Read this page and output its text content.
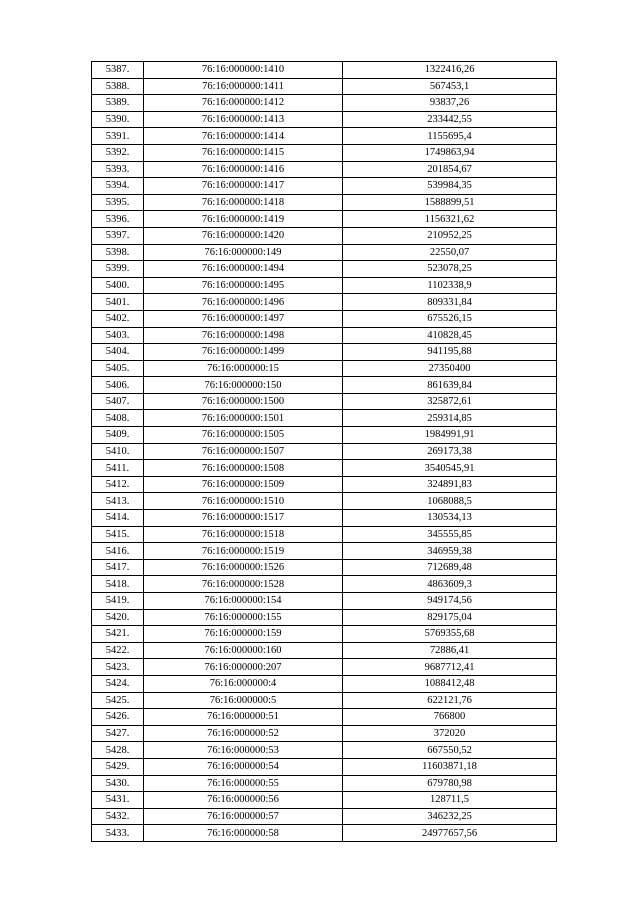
5387.	76:16:000000:1410	1322416,26
5388.	76:16:000000:1411	567453,1
5389.	76:16:000000:1412	93837,26
5390.	76:16:000000:1413	233442,55
5391.	76:16:000000:1414	1155695,4
5392.	76:16:000000:1415	1749863,94
5393.	76:16:000000:1416	201854,67
5394.	76:16:000000:1417	539984,35
5395.	76:16:000000:1418	1588899,51
5396.	76:16:000000:1419	1156321,62
5397.	76:16:000000:1420	210952,25
5398.	76:16:000000:149	22550,07
5399.	76:16:000000:1494	523078,25
5400.	76:16:000000:1495	1102338,9
5401.	76:16:000000:1496	809331,84
5402.	76:16:000000:1497	675526,15
5403.	76:16:000000:1498	410828,45
5404.	76:16:000000:1499	941195,88
5405.	76:16:000000:15	27350400
5406.	76:16:000000:150	861639,84
5407.	76:16:000000:1500	325872,61
5408.	76:16:000000:1501	259314,85
5409.	76:16:000000:1505	1984991,91
5410.	76:16:000000:1507	269173,38
5411.	76:16:000000:1508	3540545,91
5412.	76:16:000000:1509	324891,83
5413.	76:16:000000:1510	1068088,5
5414.	76:16:000000:1517	130534,13
5415.	76:16:000000:1518	345555,85
5416.	76:16:000000:1519	346959,38
5417.	76:16:000000:1526	712689,48
5418.	76:16:000000:1528	4863609,3
5419.	76:16:000000:154	949174,56
5420.	76:16:000000:155	829175,04
5421.	76:16:000000:159	5769355,68
5422.	76:16:000000:160	72886,41
5423.	76:16:000000:207	9687712,41
5424.	76:16:000000:4	1088412,48
5425.	76:16:000000:5	622121,76
5426.	76:16:000000:51	766800
5427.	76:16:000000:52	372020
5428.	76:16:000000:53	667550,52
5429.	76:16:000000:54	11603871,18
5430.	76:16:000000:55	679780,98
5431.	76:16:000000:56	128711,5
5432.	76:16:000000:57	346232,25
5433.	76:16:000000:58	24977657,56
